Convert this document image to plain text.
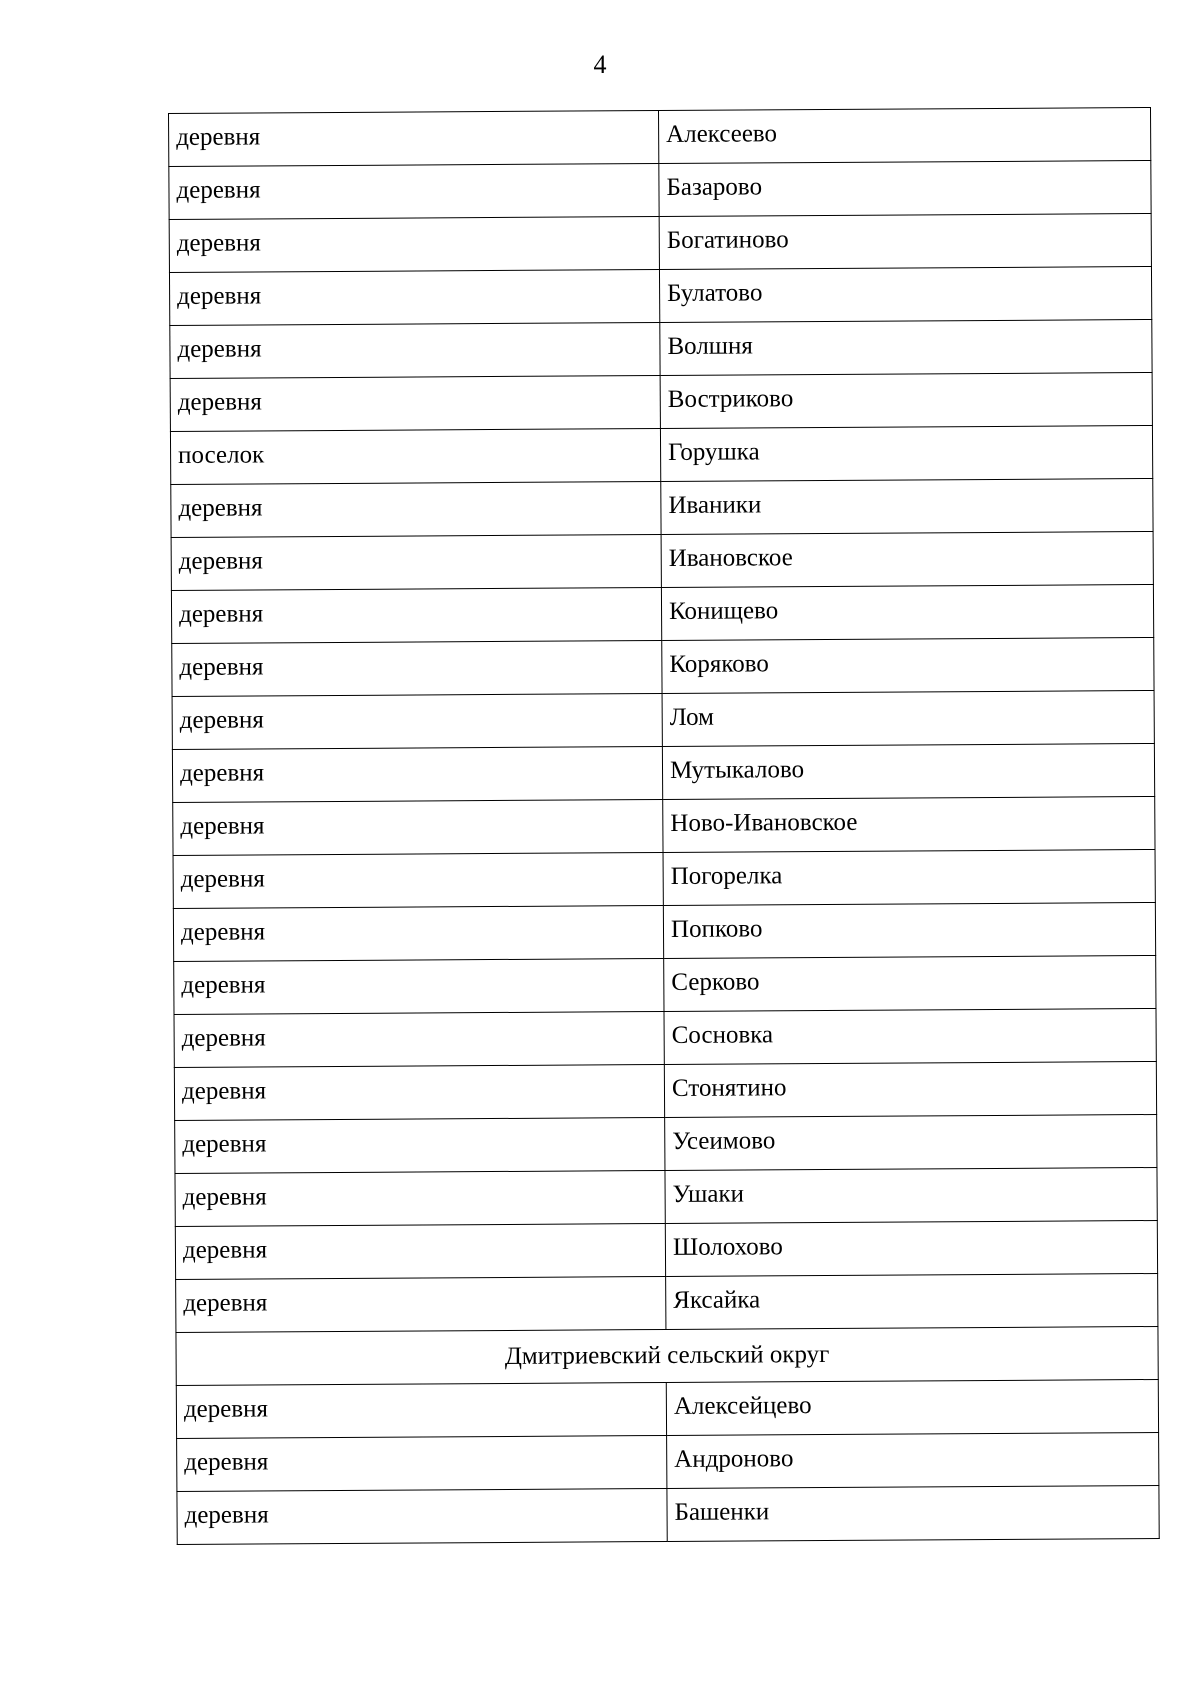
4
деревня	Алексеево

деревня	Базарово

деревня	Богатиново

деревня	Булатово

деревня	Волшня

деревня	Востриково

поселок	Горушка

деревня	Иваники

деревня	Ивановское

деревня	Конищево

деревня	Коряково

деревня	Лом

деревня	Мутыкалово

деревня	Ново-Ивановское

деревня	Погорелка

деревня	Попково

деревня	Серково

деревня	Сосновка

деревня	Стонятино

деревня	Усеимово

деревня	Ушаки

деревня	Шолохово

деревня	Яксайка

Дмитриевский сельский округ	

деревня	Алексейцево

деревня	Андроново

деревня	Башенки
